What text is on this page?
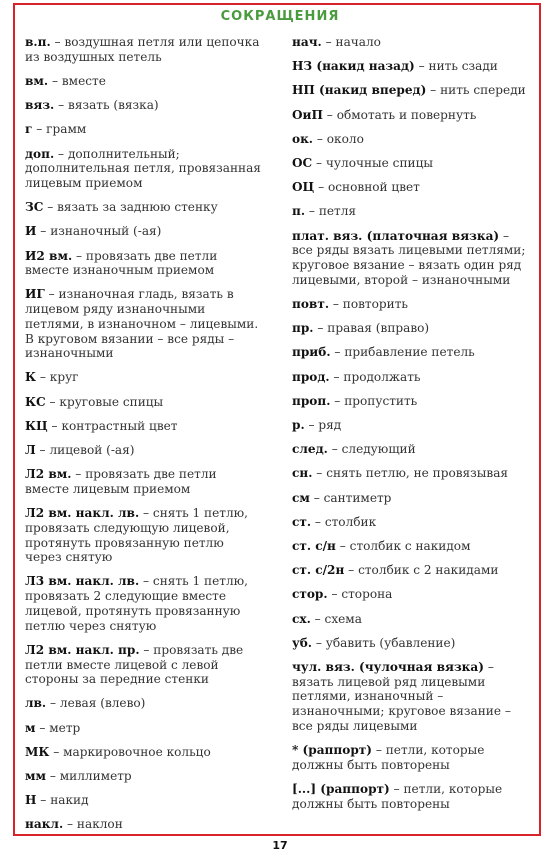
СОКРАЩЕНИЯ
в.п. – воздушная петля или цепочка из воздушных петель
вм. – вместе
вяз. – вязать (вязка)
г – грамм
доп. – дополнительный; дополнительная петля, провязанная лицевым приемом
ЗС – вязать за заднюю стенку
И – изнаночный (-ая)
И2 вм. – провязать две петли вместе изнаночным приемом
ИГ – изнаночная гладь, вязать в лицевом ряду изнаночными петлями, в изнаночном – лицевыми. В круговом вязании – все ряды – изнаночными
К – круг
КС – круговые спицы
КЦ – контрастный цвет
Л – лицевой (-ая)
Л2 вм. – провязать две петли вместе лицевым приемом
Л2 вм. накл. лв. – снять 1 петлю, провязать следующую лицевой, протянуть провязанную петлю через снятую
Л3 вм. накл. лв. – снять 1 петлю, провязать 2 следующие вместе лицевой, протянуть провязанную петлю через снятую
Л2 вм. накл. пр. – провязать две петли вместе лицевой с левой стороны за передние стенки
лв. – левая (влево)
м – метр
МК – маркировочное кольцо
мм – миллиметр
Н – накид
накл. – наклон
нач. – начало
НЗ (накид назад) – нить сзади
НП (накид вперед) – нить спереди
ОиП – обмотать и повернуть
ок. – около
ОС – чулочные спицы
ОЦ – основной цвет
п. – петля
плат. вяз. (платочная вязка) – все ряды вязать лицевыми петлями; круговое вязание – вязать один ряд лицевыми, второй – изнаночными
повт. – повторить
пр. – правая (вправо)
приб. – прибавление петель
прод. – продолжать
проп. – пропустить
р. – ряд
след. – следующий
сн. – снять петлю, не провязывая
см – сантиметр
ст. – столбик
ст. с/н – столбик с накидом
ст. с/2н – столбик с 2 накидами
стор. – сторона
сх. – схема
уб. – убавить (убавление)
чул. вяз. (чулочная вязка) – вязать лицевой ряд лицевыми петлями, изнаночный – изнаночными; круговое вязание – все ряды лицевыми
* (раппорт) – петли, которые должны быть повторены
[...] (раппорт) – петли, которые должны быть повторены
17
